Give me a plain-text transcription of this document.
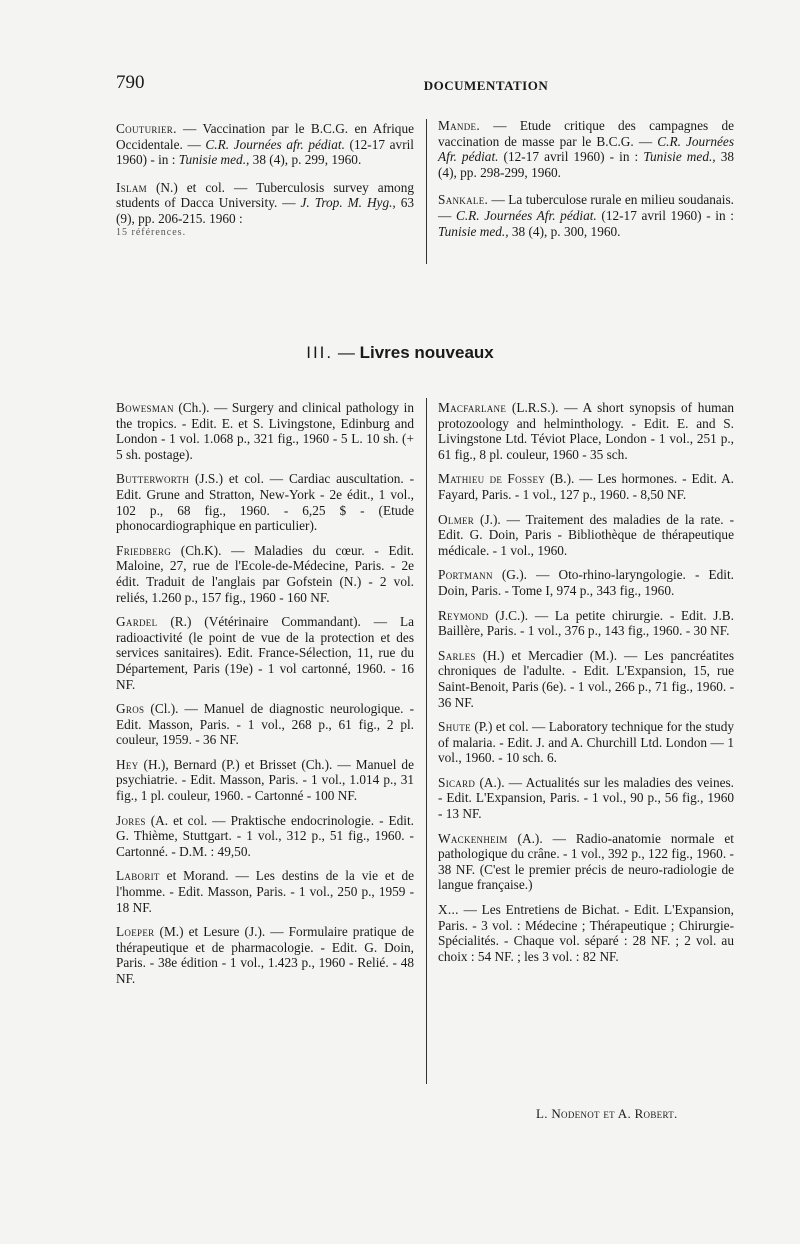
790	DOCUMENTATION

Couturier. — Vaccination par le B.C.G. en Afrique Occidentale. — C.R. Journées afr. pédiat. (12-17 avril 1960) - in : Tunisie med., 38 (4), p. 299, 1960.

Islam (N.) et col. — Tuberculosis survey among students of Dacca University. — J. Trop. M. Hyg., 63 (9), pp. 206-215. 1960 :
15 références.

Mande. — Etude critique des campagnes de vaccination de masse par le B.C.G. — C.R. Journées Afr. pédiat. (12-17 avril 1960) - in : Tunisie med., 38 (4), pp. 298-299, 1960.

Sankale. — La tuberculose rurale en milieu soudanais. — C.R. Journées Afr. pédiat. (12-17 avril 1960) - in : Tunisie med., 38 (4), p. 300, 1960.

III. — Livres nouveaux

Bowesman (Ch.). — Surgery and clinical pathology in the tropics. - Edit. E. et S. Livingstone, Edinburg and London - 1 vol. 1.068 p., 321 fig., 1960 - 5 L. 10 sh. (+ 5 sh. postage).

Butterworth (J.S.) et col. — Cardiac auscultation. - Edit. Grune and Stratton, New-York - 2e édit., 1 vol., 102 p., 68 fig., 1960. - 6,25 $ - (Etude phonocardiographique en particulier).

Friedberg (Ch.K). — Maladies du cœur. - Edit. Maloine, 27, rue de l'Ecole-de-Médecine, Paris. - 2e édit. Traduit de l'anglais par Gofstein (N.) - 2 vol. reliés, 1.260 p., 157 fig., 1960 - 160 NF.

Gardel (R.) (Vétérinaire Commandant). — La radioactivité (le point de vue de la protection et des services sanitaires). Edit. France-Sélection, 11, rue du Département, Paris (19e) - 1 vol cartonné, 1960. - 16 NF.

Gros (Cl.). — Manuel de diagnostic neurologique. - Edit. Masson, Paris. - 1 vol., 268 p., 61 fig., 2 pl. couleur, 1959. - 36 NF.

Hey (H.), Bernard (P.) et Brisset (Ch.). — Manuel de psychiatrie. - Edit. Masson, Paris. - 1 vol., 1.014 p., 31 fig., 1 pl. couleur, 1960. - Cartonné - 100 NF.

Jores (A. et col. — Praktische endocrinologie. - Edit. G. Thième, Stuttgart. - 1 vol., 312 p., 51 fig., 1960. - Cartonné. - D.M. : 49,50.

Laborit et Morand. — Les destins de la vie et de l'homme. - Edit. Masson, Paris. - 1 vol., 250 p., 1959 - 18 NF.

Loeper (M.) et Lesure (J.). — Formulaire pratique de thérapeutique et de pharmacologie. - Edit. G. Doin, Paris. - 38e édition - 1 vol., 1.423 p., 1960 - Relié. - 48 NF.

Macfarlane (L.R.S.). — A short synopsis of human protozoology and helminthology. - Edit. E. and S. Livingstone Ltd. Téviot Place, London - 1 vol., 251 p., 61 fig., 8 pl. couleur, 1960 - 35 sch.

Mathieu de Fossey (B.). — Les hormones. - Edit. A. Fayard, Paris. - 1 vol., 127 p., 1960. - 8,50 NF.

Olmer (J.). — Traitement des maladies de la rate. - Edit. G. Doin, Paris - Bibliothèque de thérapeutique médicale. - 1 vol., 1960.

Portmann (G.). — Oto-rhino-laryngologie. - Edit. Doin, Paris. - Tome I, 974 p., 343 fig., 1960.

Reymond (J.C.). — La petite chirurgie. - Edit. J.B. Baillère, Paris. - 1 vol., 376 p., 143 fig., 1960. - 30 NF.

Sarles (H.) et Mercadier (M.). — Les pancréatites chroniques de l'adulte. - Edit. L'Expansion, 15, rue Saint-Benoit, Paris (6e). - 1 vol., 266 p., 71 fig., 1960. - 36 NF.

Shute (P.) et col. — Laboratory technique for the study of malaria. - Edit. J. and A. Churchill Ltd. London — 1 vol., 1960. - 10 sch. 6.

Sicard (A.). — Actualités sur les maladies des veines. - Edit. L'Expansion, Paris. - 1 vol., 90 p., 56 fig., 1960 - 13 NF.

Wackenheim (A.). — Radio-anatomie normale et pathologique du crâne. - 1 vol., 392 p., 122 fig., 1960. - 38 NF. (C'est le premier précis de neuro-radiologie de langue française.)

X... — Les Entretiens de Bichat. - Edit. L'Expansion, Paris. - 3 vol. : Médecine ; Thérapeutique ; Chirurgie-Spécialités. - Chaque vol. séparé : 28 NF. ; 2 vol. au choix : 54 NF. ; les 3 vol. : 82 NF.

L. Nodenot et A. Robert.
